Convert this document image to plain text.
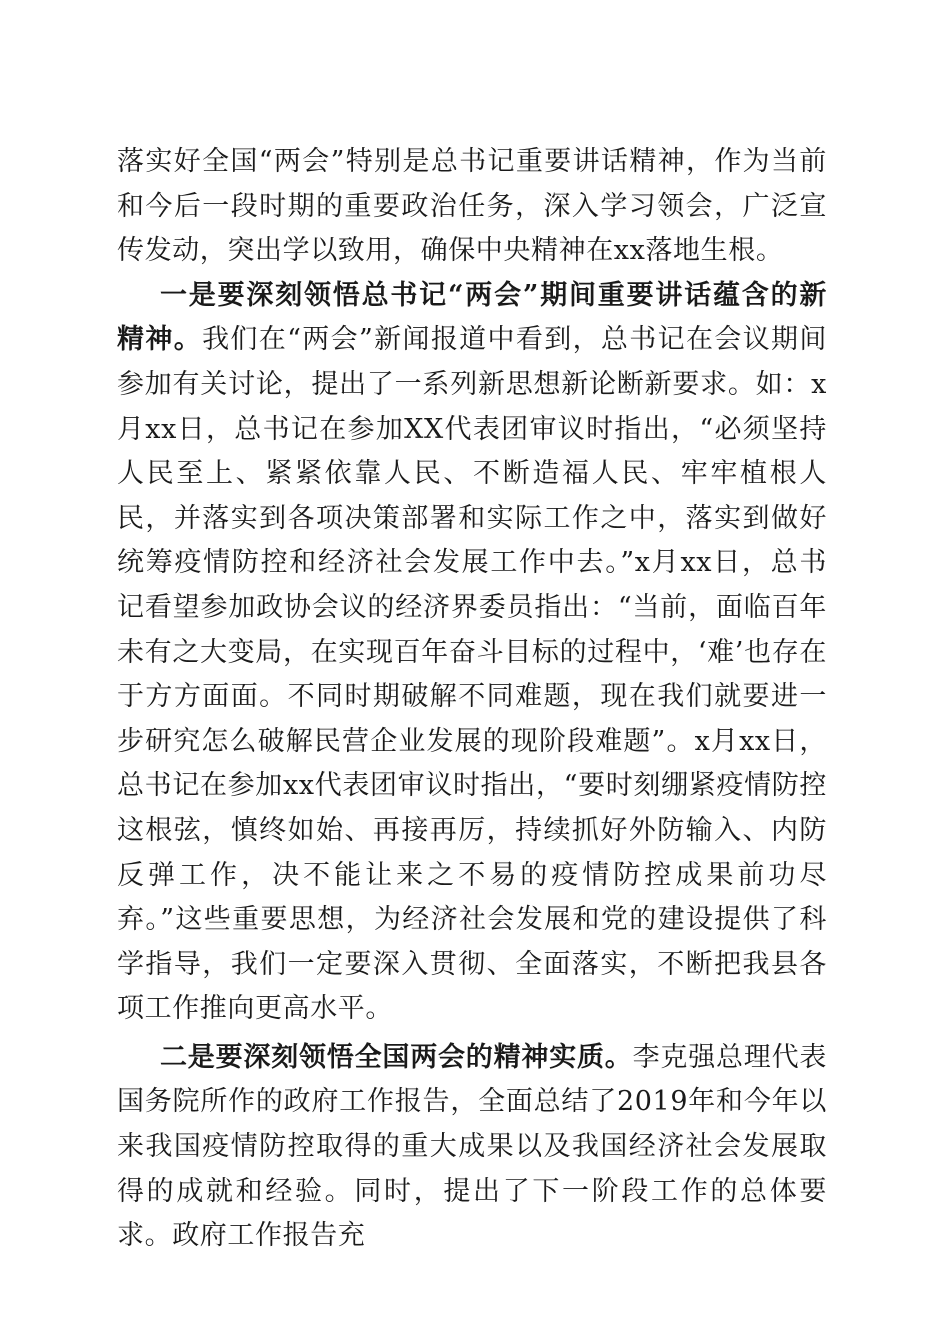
落实好全国“两会”特别是总书记重要讲话精神，作为当前和今后一段时期的重要政治任务，深入学习领会，广泛宣传发动，突出学以致用，确保中央精神在xx落地生根。

一是要深刻领悟总书记“两会”期间重要讲话蕴含的新精神。我们在“两会”新闻报道中看到，总书记在会议期间参加有关讨论，提出了一系列新思想新论断新要求。如：x月xx日，总书记在参加XX代表团审议时指出，“必须坚持人民至上、紧紧依靠人民、不断造福人民、牢牢植根人民，并落实到各项决策部署和实际工作之中，落实到做好统筹疫情防控和经济社会发展工作中去。”x月xx日，总书记看望参加政协会议的经济界委员指出：“当前，面临百年未有之大变局，在实现百年奋斗目标的过程中，‘难’也存在于方方面面。不同时期破解不同难题，现在我们就要进一步研究怎么破解民营企业发展的现阶段难题”。x月xx日，总书记在参加xx代表团审议时指出，“要时刻绷紧疫情防控这根弦，慎终如始、再接再厉，持续抓好外防输入、内防反弹工作，决不能让来之不易的疫情防控成果前功尽弃。”这些重要思想，为经济社会发展和党的建设提供了科学指导，我们一定要深入贯彻、全面落实，不断把我县各项工作推向更高水平。

二是要深刻领悟全国两会的精神实质。李克强总理代表国务院所作的政府工作报告，全面总结了2019年和今年以来我国疫情防控取得的重大成果以及我国经济社会发展取得的成就和经验。同时，提出了下一阶段工作的总体要求。政府工作报告充
